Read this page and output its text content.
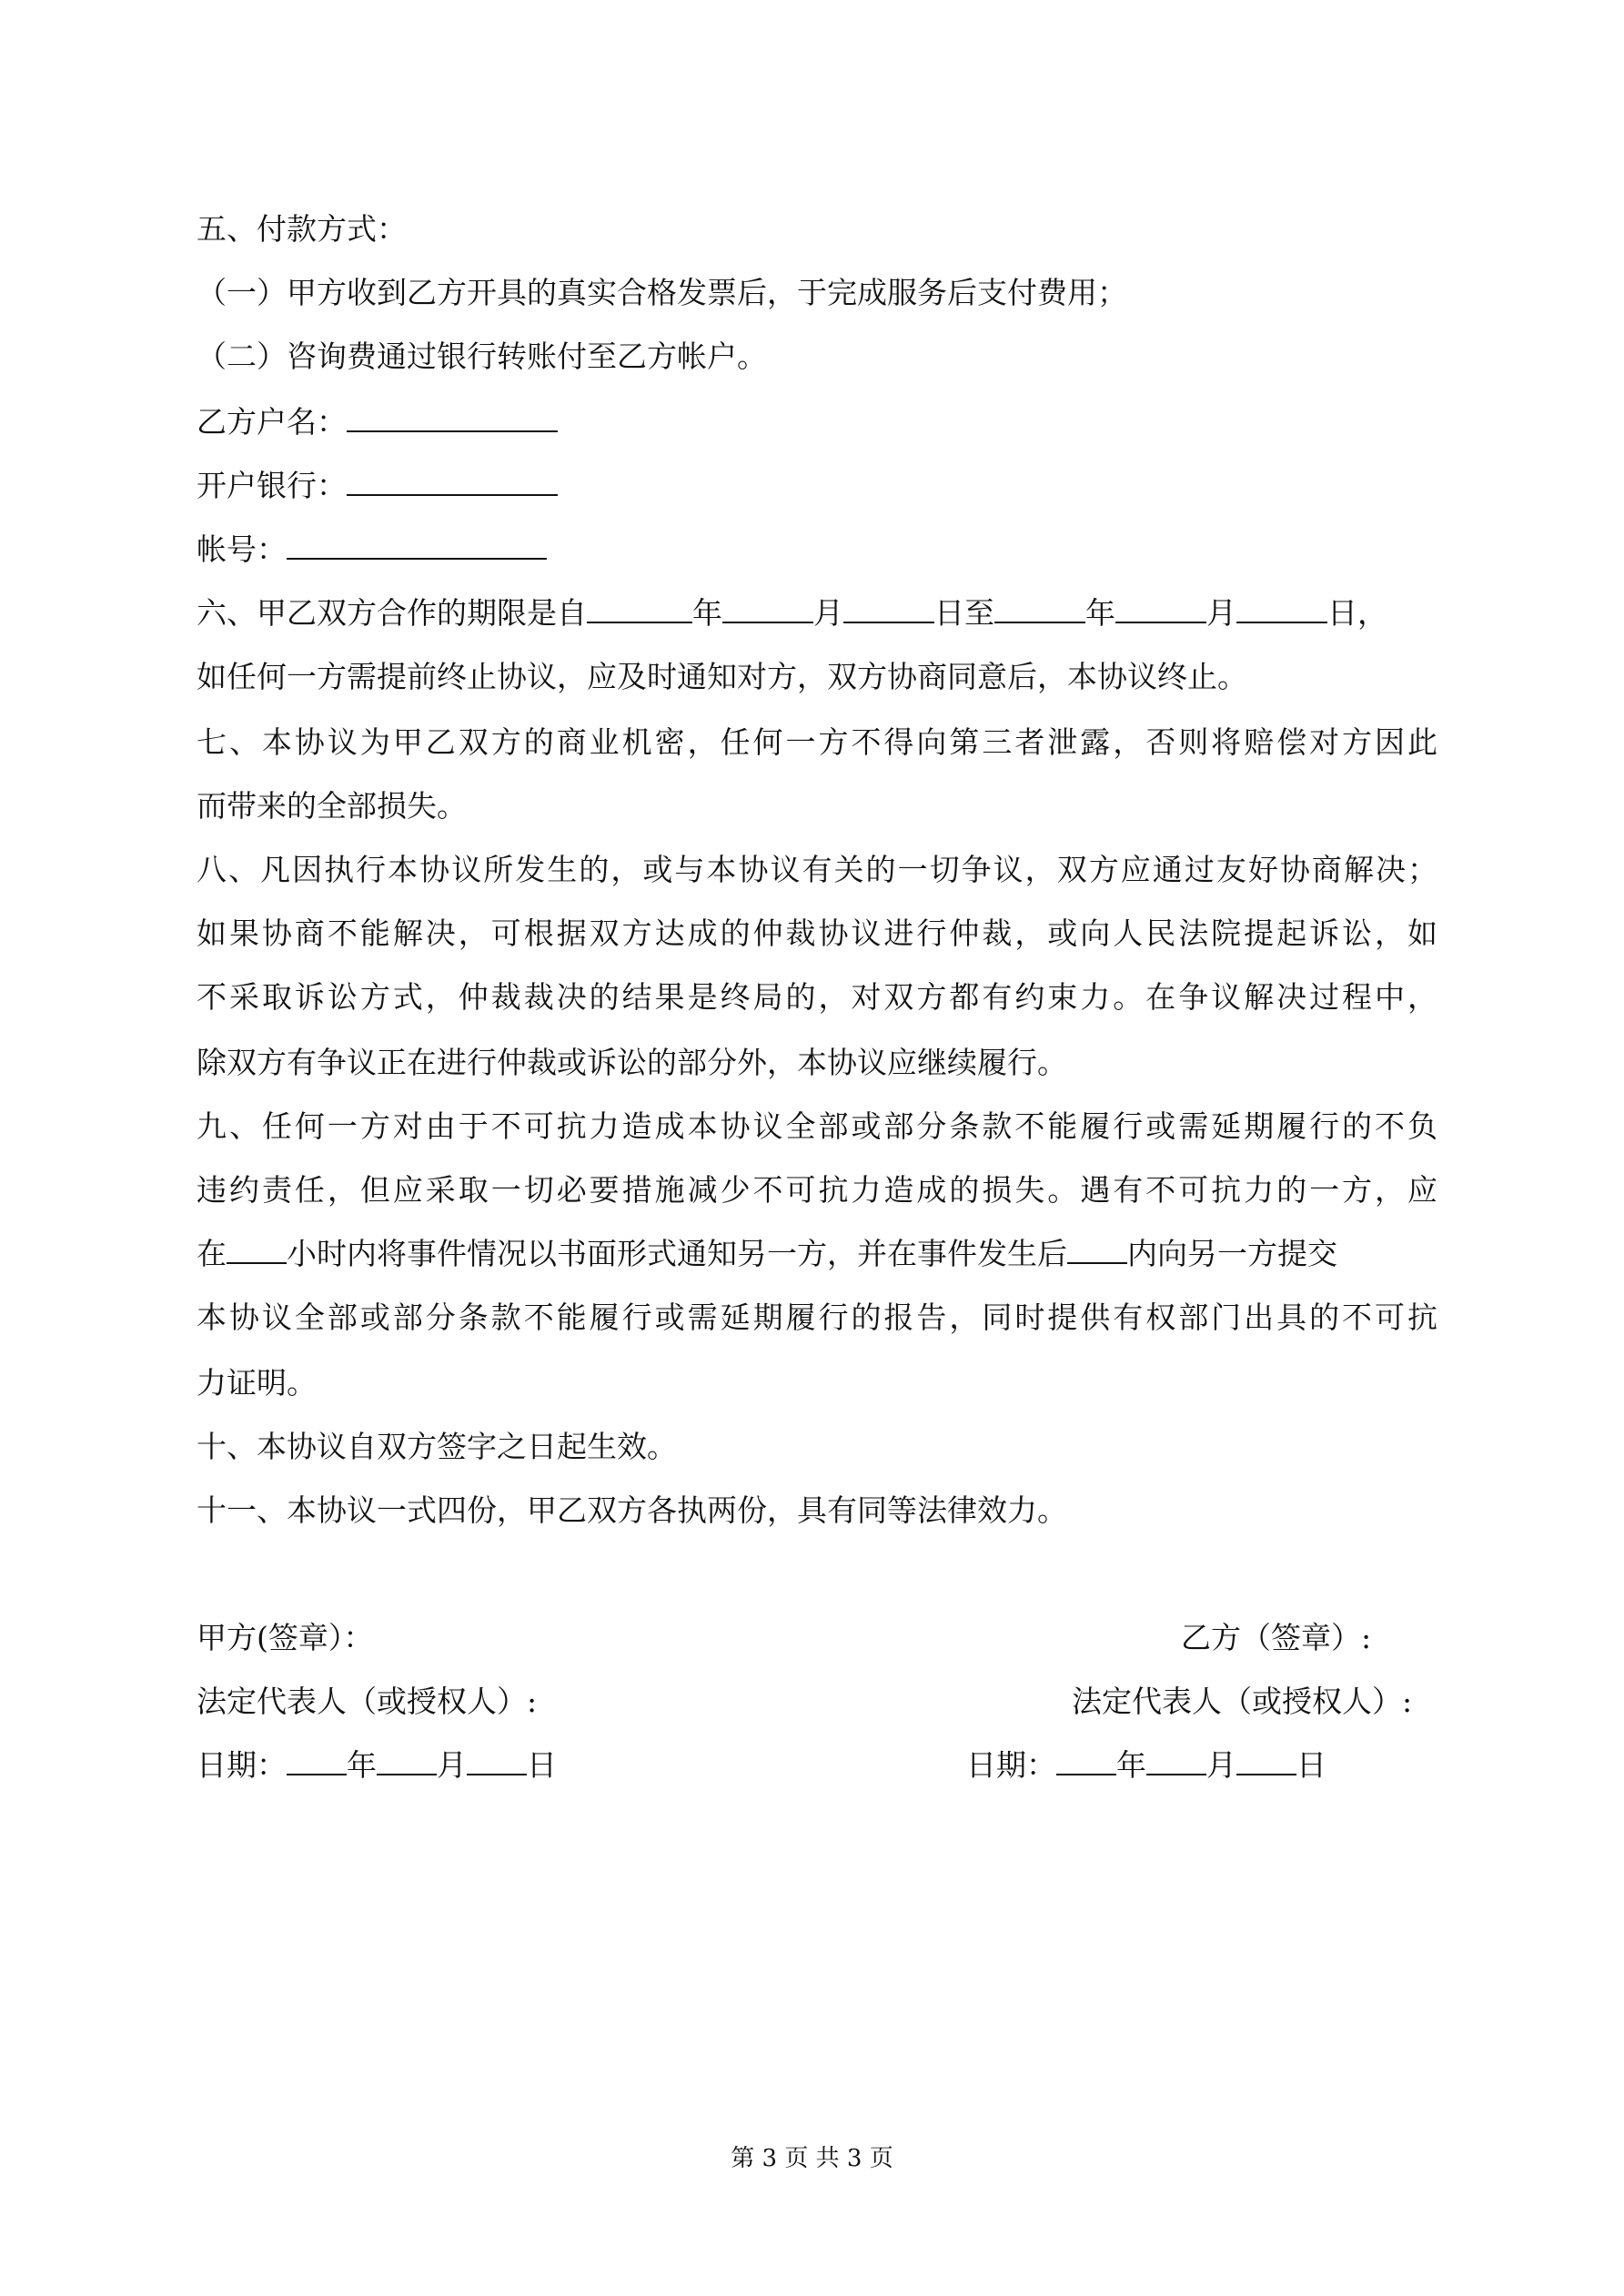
五、付款方式：
（一）甲方收到乙方开具的真实合格发票后，于完成服务后支付费用；
（二）咨询费通过银行转账付至乙方帐户。
乙方户名：
开户银行：
帐号：
六、甲乙双方合作的期限是自	年	月	日至	年	月	日，
如任何一方需提前终止协议，应及时通知对方，双方协商同意后，本协议终止。
七、本协议为甲乙双方的商业机密，任何一方不得向第三者泄露，否则将赔偿对方因此
而带来的全部损失。
八、凡因执行本协议所发生的，或与本协议有关的一切争议，双方应通过友好协商解决；
如果协商不能解决，可根据双方达成的仲裁协议进行仲裁，或向人民法院提起诉讼，如
不采取诉讼方式，仲裁裁决的结果是终局的，对双方都有约束力。在争议解决过程中，
除双方有争议正在进行仲裁或诉讼的部分外，本协议应继续履行。
九、任何一方对由于不可抗力造成本协议全部或部分条款不能履行或需延期履行的不负
违约责任，但应采取一切必要措施减少不可抗力造成的损失。遇有不可抗力的一方，应
在 小时内将事件情况以书面形式通知另一方，并在事件发生后 内向另一方提交
本协议全部或部分条款不能履行或需延期履行的报告，同时提供有权部门出具的不可抗
力证明。
十、本协议自双方签字之日起生效。
十一、本协议一式四份，甲乙双方各执两份，具有同等法律效力。
甲方(签章）：	乙方（签章）:
法定代表人（或授权人）:	法定代表人（或授权人）:
日期： 年 月 日	日期： 年 月 日
第 3 页 共 3 页
